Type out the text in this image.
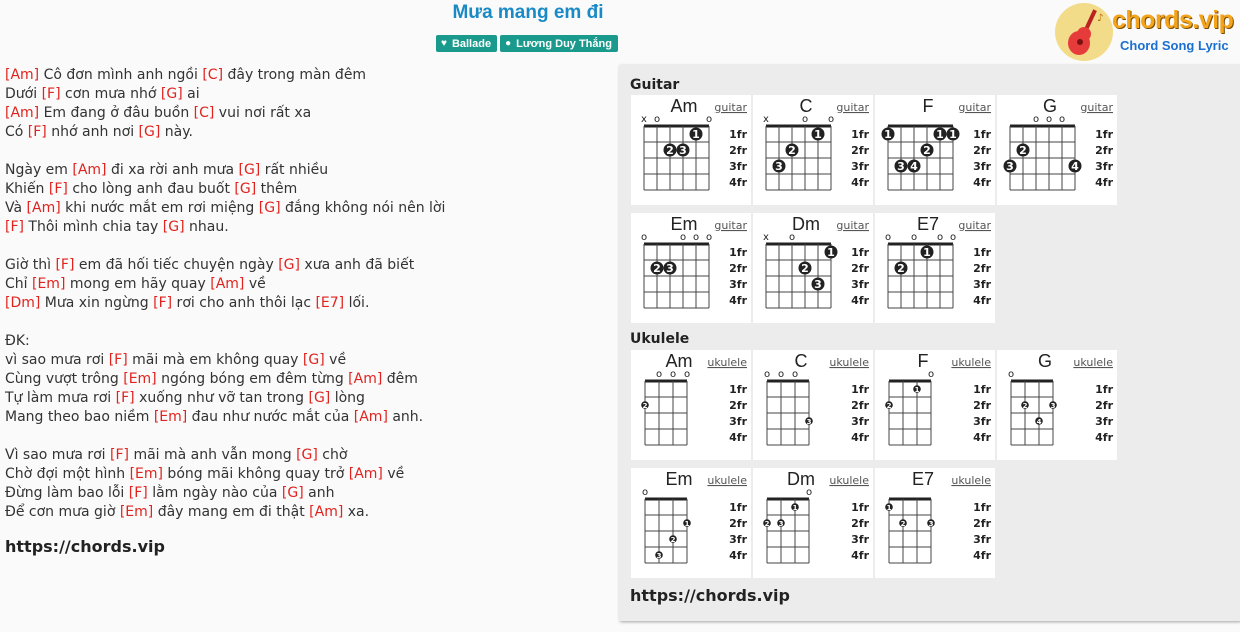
Mưa mang em đi
♥ Ballade ● Lương Duy Thắng
♪ chords.vip
Chord Song Lyric
[Am] Cô đơn mình anh ngồi [C] đây trong màn đêm
Dưới [F] cơn mưa nhớ [G] ai
[Am] Em đang ở đâu buồn [C] vui nơi rất xa
Có [F] nhớ anh nơi [G] này.
Ngày em [Am] đi xa rời anh mưa [G] rất nhiều
Khiến [F] cho lòng anh đau buốt [G] thêm
Và [Am] khi nước mắt em rơi miệng [G] đắng không nói nên lời
[F] Thôi mình chia tay [G] nhau.
Giờ thì [F] em đã hối tiếc chuyện ngày [G] xưa anh đã biết
Chỉ [Em] mong em hãy quay [Am] về
[Dm] Mưa xin ngừng [F] rơi cho anh thôi lạc [E7] lối.
ĐK:
vì sao mưa rơi [F] mãi mà em không quay [G] về
Cùng vượt trông [Em] ngóng bóng em đêm từng [Am] đêm
Tự làm mưa rơi [F] xuống như vỡ tan trong [G] lòng
Mang theo bao niềm [Em] đau như nước mắt của [Am] anh.
Vì sao mưa rơi [F] mãi mà anh vẫn mong [G] chờ
Chờ đợi một hình [Em] bóng mãi không quay trở [Am] về
Đừng làm bao lỗi [F] lằm ngày nào của [G] anh
Để cơn mưa giờ [Em] đây mang em đi thật [Am] xa.
https://chords.vip
Guitar
Ukulele
https://chords.vip
Am guitar
1fr
2fr
3fr
4fr
x o	o
1
2 3
C guitar
1fr
2fr
3fr
4fr
x	o o
1
2
3
F guitar
1fr
2fr
3fr
4fr
1	1 1
2
3 4
G guitar
1fr
2fr
3fr
4fr
o o o
2
3	4
Em guitar
1fr
2fr
3fr
4fr
o	o o o
2 3
Dm guitar
1fr
2fr
3fr
4fr
x o
1
2
3
E7 guitar
1fr
2fr
3fr
4fr
o o o o
1
2
Am ukulele
1fr
2fr
3fr
4fr
o o o
2
C ukulele
1fr
2fr
3fr
4fr
o o o
3
F ukulele
1fr
2fr
3fr
4fr
o
1
2
G ukulele
1fr
2fr
3fr
4fr
o
2	3
4
Em ukulele
1fr
2fr
3fr
4fr
o
1
2
3
Dm ukulele
1fr
2fr
3fr
4fr
o
1
2 3
E7 ukulele
1fr
2fr
3fr
4fr
1
2	3
